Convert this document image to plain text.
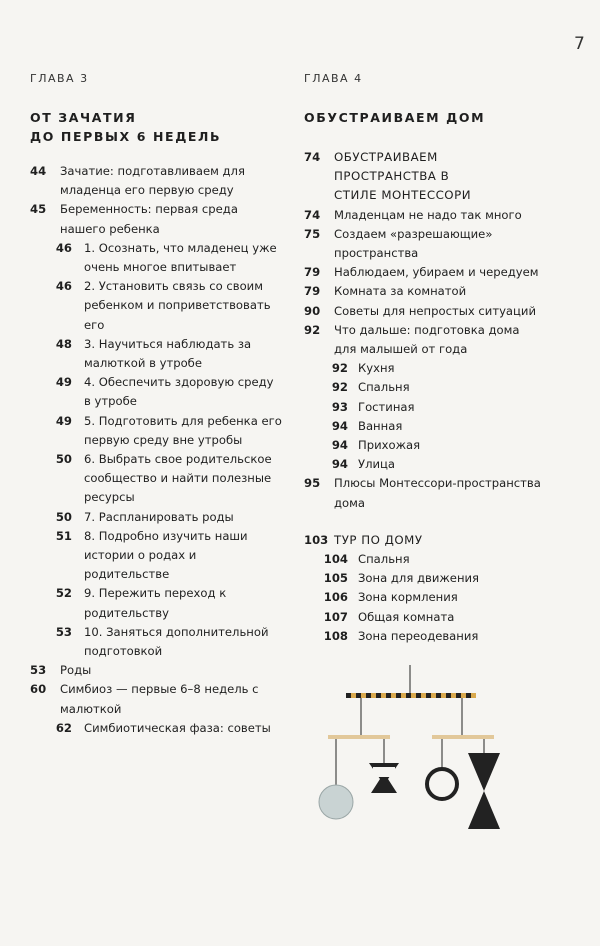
7
ГЛАВА 3
ОТ ЗАЧАТИЯ
ДО ПЕРВЫХ 6 НЕДЕЛЬ
44	Зачатие: подготавливаем для младенца его первую среду
45	Беременность: первая среда нашего ребенка
46 1. Осознать, что младенец уже очень многое впитывает
46 2. Установить связь со своим ребенком и поприветствовать его
48 3. Научиться наблюдать за малюткой в утробе
49 4. Обеспечить здоровую среду в утробе
49 5. Подготовить для ребенка его первую среду вне утробы
50 6. Выбрать свое родительское сообщество и найти полезные ресурсы
50 7. Распланировать роды
51 8. Подробно изучить наши истории о родах и родительстве
52 9. Пережить переход к родительству
53 10. Заняться дополнительной подготовкой
53	Роды
60	Симбиоз — первые 6–8 недель с малюткой
62 Симбиотическая фаза: советы
ГЛАВА 4
ОБУСТРАИВАЕМ ДОМ
74	ОБУСТРАИВАЕМ ПРОСТРАНСТВА В СТИЛЕ МОНТЕССОРИ
74	Младенцам не надо так много
75	Создаем «разрешающие» пространства
79	Наблюдаем, убираем и чередуем
79	Комната за комнатой
90	Советы для непростых ситуаций
92	Что дальше: подготовка дома для малышей от года
92 Кухня
92 Спальня
93 Гостиная
94 Ванная
94 Прихожая
94 Улица
95	Плюсы Монтессори-пространства дома
103 ТУР ПО ДОМУ
104 Спальня
105 Зона для движения
106 Зона кормления
107 Общая комната
108 Зона переодевания
